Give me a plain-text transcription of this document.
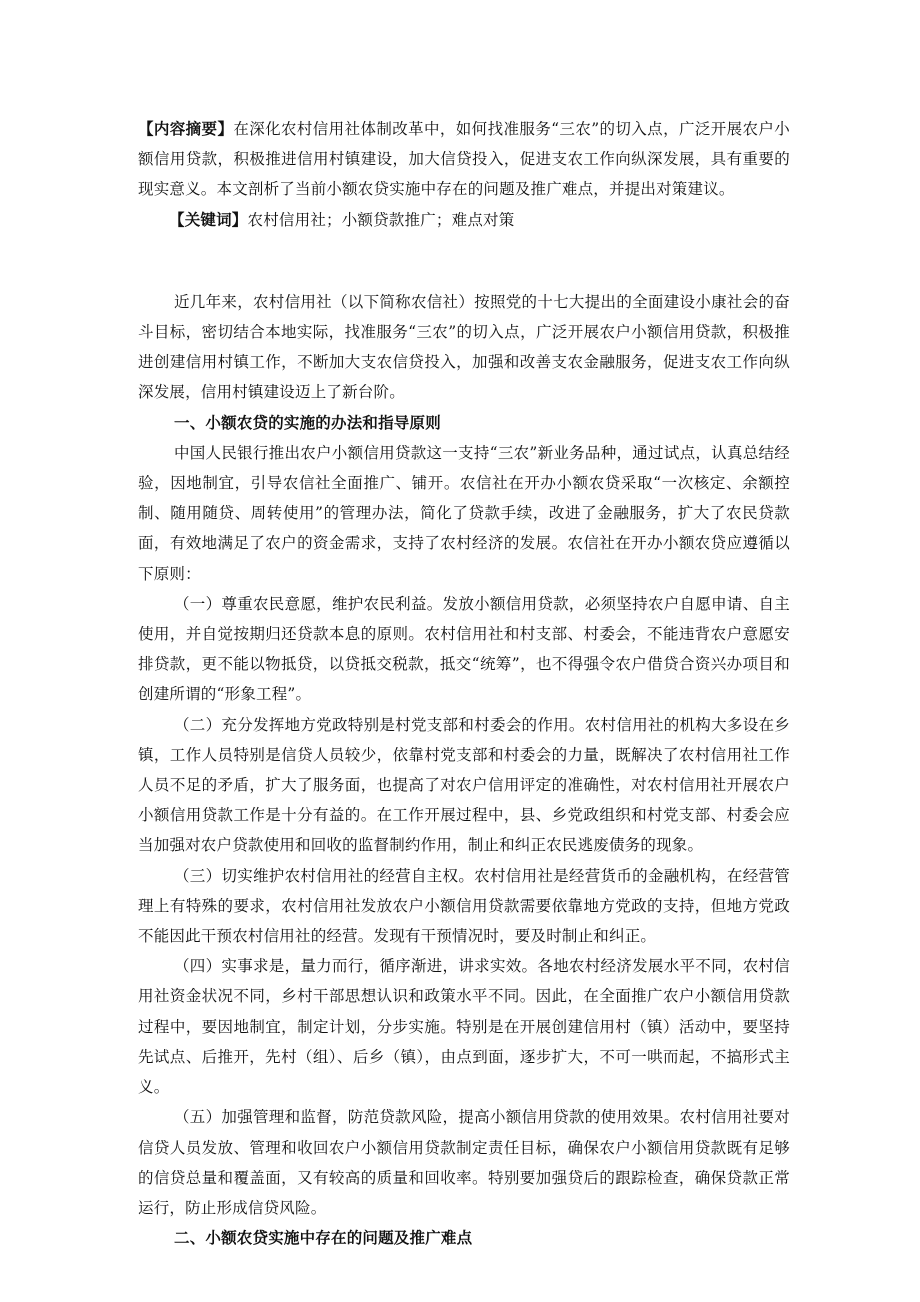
【内容摘要】在深化农村信用社体制改革中，如何找准服务“三农”的切入点，广泛开展农户小额信用贷款，积极推进信用村镇建设，加大信贷投入，促进支农工作向纵深发展，具有重要的现实意义。本文剖析了当前小额农贷实施中存在的问题及推广难点，并提出对策建议。

【关键词】农村信用社；小额贷款推广；难点对策

近几年来，农村信用社（以下简称农信社）按照党的十七大提出的全面建设小康社会的奋斗目标，密切结合本地实际，找准服务“三农”的切入点，广泛开展农户小额信用贷款，积极推进创建信用村镇工作，不断加大支农信贷投入，加强和改善支农金融服务，促进支农工作向纵深发展，信用村镇建设迈上了新台阶。

一、小额农贷的实施的办法和指导原则

中国人民银行推出农户小额信用贷款这一支持“三农”新业务品种，通过试点，认真总结经验，因地制宜，引导农信社全面推广、铺开。农信社在开办小额农贷采取“一次核定、余额控制、随用随贷、周转使用”的管理办法，简化了贷款手续，改进了金融服务，扩大了农民贷款面，有效地满足了农户的资金需求，支持了农村经济的发展。农信社在开办小额农贷应遵循以下原则：

（一）尊重农民意愿，维护农民利益。发放小额信用贷款，必须坚持农户自愿申请、自主使用，并自觉按期归还贷款本息的原则。农村信用社和村支部、村委会，不能违背农户意愿安排贷款，更不能以物抵贷，以贷抵交税款，抵交“统筹”，也不得强令农户借贷合资兴办项目和创建所谓的“形象工程”。

（二）充分发挥地方党政特别是村党支部和村委会的作用。农村信用社的机构大多设在乡镇，工作人员特别是信贷人员较少，依靠村党支部和村委会的力量，既解决了农村信用社工作人员不足的矛盾，扩大了服务面，也提高了对农户信用评定的准确性，对农村信用社开展农户小额信用贷款工作是十分有益的。在工作开展过程中，县、乡党政组织和村党支部、村委会应当加强对农户贷款使用和回收的监督制约作用，制止和纠正农民逃废债务的现象。

（三）切实维护农村信用社的经营自主权。农村信用社是经营货币的金融机构，在经营管理上有特殊的要求，农村信用社发放农户小额信用贷款需要依靠地方党政的支持，但地方党政不能因此干预农村信用社的经营。发现有干预情况时，要及时制止和纠正。

（四）实事求是，量力而行，循序渐进，讲求实效。各地农村经济发展水平不同，农村信用社资金状况不同，乡村干部思想认识和政策水平不同。因此，在全面推广农户小额信用贷款过程中，要因地制宜，制定计划，分步实施。特别是在开展创建信用村（镇）活动中，要坚持先试点、后推开，先村（组）、后乡（镇），由点到面，逐步扩大，不可一哄而起，不搞形式主义。

（五）加强管理和监督，防范贷款风险，提高小额信用贷款的使用效果。农村信用社要对信贷人员发放、管理和收回农户小额信用贷款制定责任目标，确保农户小额信用贷款既有足够的信贷总量和覆盖面，又有较高的质量和回收率。特别要加强贷后的跟踪检查，确保贷款正常运行，防止形成信贷风险。

二、小额农贷实施中存在的问题及推广难点
